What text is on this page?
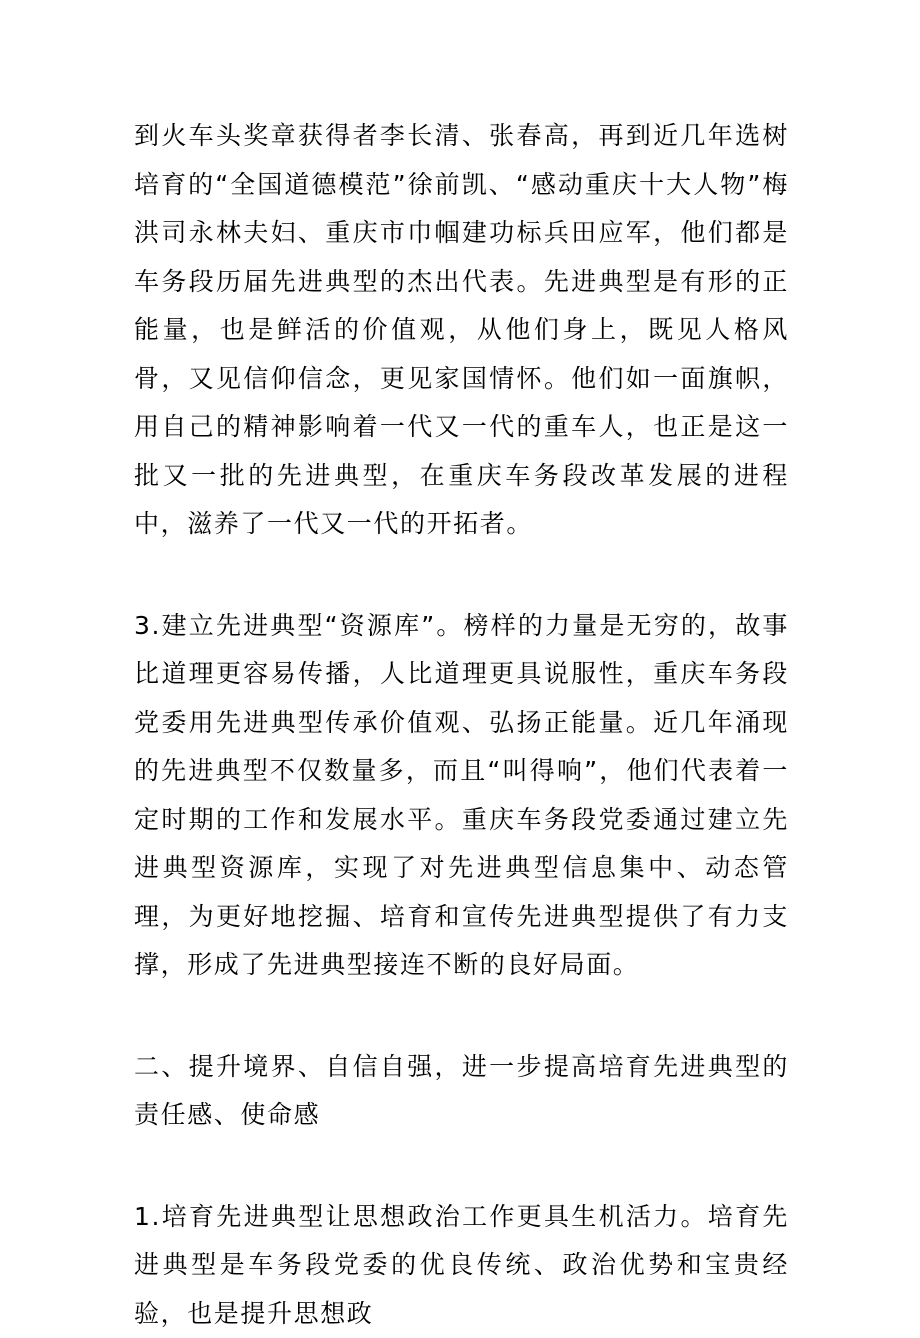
到火车头奖章获得者李长清、张春高，再到近几年选树培育的“全国道德模范”徐前凯、“感动重庆十大人物”梅洪司永林夫妇、重庆市巾帼建功标兵田应军，他们都是车务段历届先进典型的杰出代表。先进典型是有形的正能量，也是鲜活的价值观，从他们身上，既见人格风骨，又见信仰信念，更见家国情怀。他们如一面旗帜，用自己的精神影响着一代又一代的重车人，也正是这一批又一批的先进典型，在重庆车务段改革发展的进程中，滋养了一代又一代的开拓者。

3.建立先进典型“资源库”。榜样的力量是无穷的，故事比道理更容易传播，人比道理更具说服性，重庆车务段党委用先进典型传承价值观、弘扬正能量。近几年涌现的先进典型不仅数量多，而且“叫得响”，他们代表着一定时期的工作和发展水平。重庆车务段党委通过建立先进典型资源库，实现了对先进典型信息集中、动态管理，为更好地挖掘、培育和宣传先进典型提供了有力支撑，形成了先进典型接连不断的良好局面。

二、提升境界、自信自强，进一步提高培育先进典型的责任感、使命感

1.培育先进典型让思想政治工作更具生机活力。培育先进典型是车务段党委的优良传统、政治优势和宝贵经验，也是提升思想政
